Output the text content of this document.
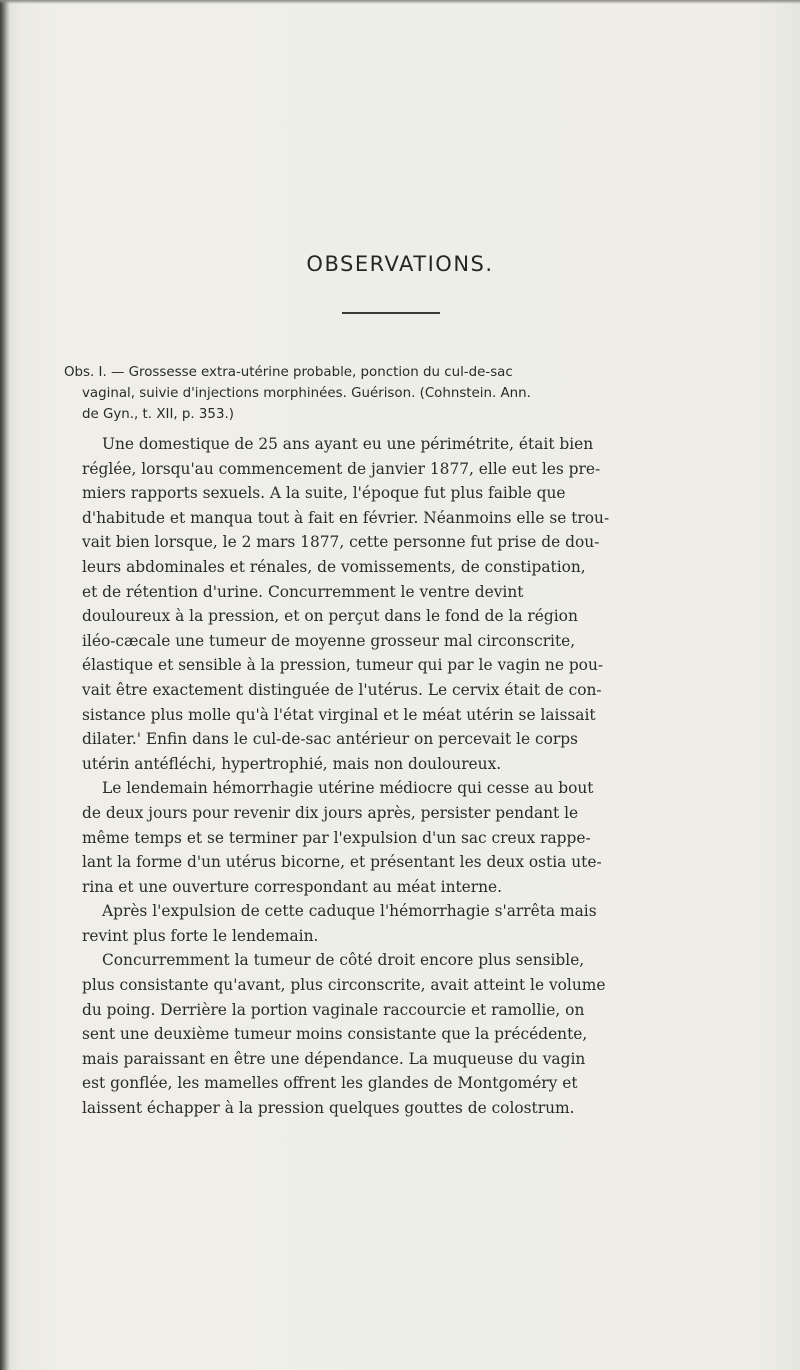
OBSERVATIONS.
Obs. I. — Grossesse extra-utérine probable, ponction du cul-de-sac
vaginal, suivie d'injections morphinées. Guérison. (Cohnstein. Ann.
de Gyn., t. XII, p. 353.)
Une domestique de 25 ans ayant eu une périmétrite, était bien
réglée, lorsqu'au commencement de janvier 1877, elle eut les pre-
miers rapports sexuels. A la suite, l'époque fut plus faible que
d'habitude et manqua tout à fait en février. Néanmoins elle se trou-
vait bien lorsque, le 2 mars 1877, cette personne fut prise de dou-
leurs abdominales et rénales, de vomissements, de constipation,
et de rétention d'urine. Concurremment le ventre devint
douloureux à la pression, et on perçut dans le fond de la région
iléo-cæcale une tumeur de moyenne grosseur mal circonscrite,
élastique et sensible à la pression, tumeur qui par le vagin ne pou-
vait être exactement distinguée de l'utérus. Le cervix était de con-
sistance plus molle qu'à l'état virginal et le méat utérin se laissait
dilater.' Enfin dans le cul-de-sac antérieur on percevait le corps
utérin antéfléchi, hypertrophié, mais non douloureux.
Le lendemain hémorrhagie utérine médiocre qui cesse au bout
de deux jours pour revenir dix jours après, persister pendant le
même temps et se terminer par l'expulsion d'un sac creux rappe-
lant la forme d'un utérus bicorne, et présentant les deux ostia ute-
rina et une ouverture correspondant au méat interne.
Après l'expulsion de cette caduque l'hémorrhagie s'arrêta mais
revint plus forte le lendemain.
Concurremment la tumeur de côté droit encore plus sensible,
plus consistante qu'avant, plus circonscrite, avait atteint le volume
du poing. Derrière la portion vaginale raccourcie et ramollie, on
sent une deuxième tumeur moins consistante que la précédente,
mais paraissant en être une dépendance. La muqueuse du vagin
est gonflée, les mamelles offrent les glandes de Montgoméry et
laissent échapper à la pression quelques gouttes de colostrum.
